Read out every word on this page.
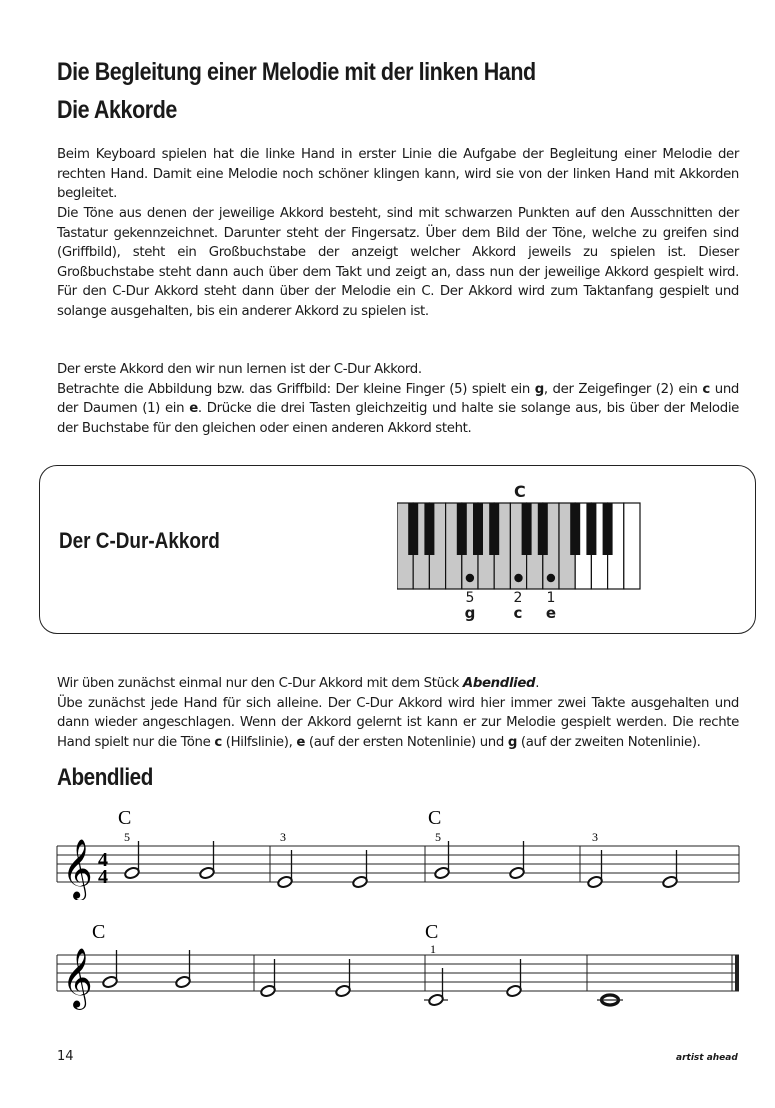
Die Begleitung einer Melodie mit der linken Hand
Die Akkorde

Beim Keyboard spielen hat die linke Hand in erster Linie die Aufgabe der Begleitung einer Melodie der rechten Hand. Damit eine Melodie noch schöner klingen kann, wird sie von der linken Hand mit Akkorden begleitet.

Die Töne aus denen der jeweilige Akkord besteht, sind mit schwarzen Punkten auf den Ausschnitten der Tastatur gekennzeichnet. Darunter steht der Fingersatz. Über dem Bild der Töne, welche zu greifen sind (Griffbild), steht ein Großbuchstabe der anzeigt welcher Akkord jeweils zu spielen ist. Dieser Großbuchstabe steht dann auch über dem Takt und zeigt an, dass nun der jeweilige Akkord gespielt wird. Für den C-Dur Akkord steht dann über der Melodie ein C. Der Akkord wird zum Taktanfang gespielt und solange ausgehalten, bis ein anderer Akkord zu spielen ist.

Der erste Akkord den wir nun lernen ist der C-Dur Akkord.
Betrachte die Abbildung bzw. das Griffbild: Der kleine Finger (5) spielt ein g, der Zeigefinger (2) ein c und der Daumen (1) ein e. Drücke die drei Tasten gleichzeitig und halte sie solange aus, bis über der Melodie der Buchstabe für den gleichen oder einen anderen Akkord steht.

Der C-Dur-Akkord
C
5	2	1
g	c	e

Wir üben zunächst einmal nur den C-Dur Akkord mit dem Stück Abendlied.
Übe zunächst jede Hand für sich alleine. Der C-Dur Akkord wird hier immer zwei Takte ausgehalten und dann wieder angeschlagen. Wenn der Akkord gelernt ist kann er zur Melodie gespielt werden. Die rechte Hand spielt nur die Töne c (Hilfslinie), e (auf der ersten Notenlinie) und g (auf der zweiten Notenlinie).

Abendlied
𝄞 4
4
C	C
5	3	5	3
𝄞
C	C
1
14	artist ahead
